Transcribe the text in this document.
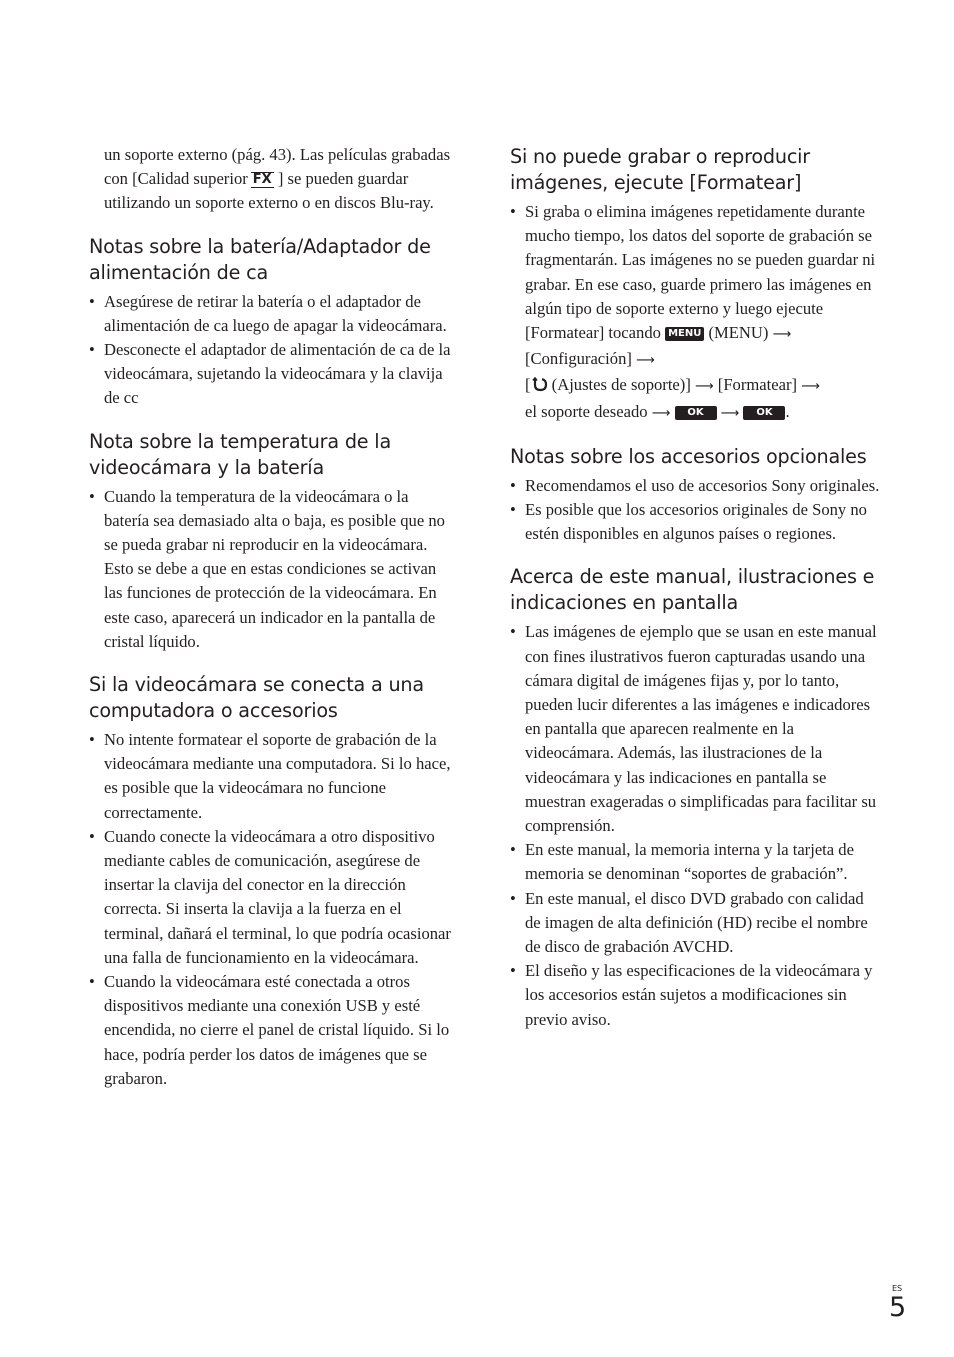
un soporte externo (pág. 43). Las películas grabadas con [Calidad superior FX ] se pueden guardar utilizando un soporte externo o en discos Blu-ray.

Notas sobre la batería/Adaptador de alimentación de ca
• Asegúrese de retirar la batería o el adaptador de alimentación de ca luego de apagar la videocámara.
• Desconecte el adaptador de alimentación de ca de la videocámara, sujetando la videocámara y la clavija de cc
Nota sobre la temperatura de la videocámara y la batería
• Cuando la temperatura de la videocámara o la batería sea demasiado alta o baja, es posible que no se pueda grabar ni reproducir en la videocámara. Esto se debe a que en estas condiciones se activan las funciones de protección de la videocámara. En este caso, aparecerá un indicador en la pantalla de cristal líquido.
Si la videocámara se conecta a una computadora o accesorios
• No intente formatear el soporte de grabación de la videocámara mediante una computadora. Si lo hace, es posible que la videocámara no funcione correctamente.
• Cuando conecte la videocámara a otro dispositivo mediante cables de comunicación, asegúrese de insertar la clavija del conector en la dirección correcta. Si inserta la clavija a la fuerza en el terminal, dañará el terminal, lo que podría ocasionar una falla de funcionamiento en la videocámara.
• Cuando la videocámara esté conectada a otros dispositivos mediante una conexión USB y esté encendida, no cierre el panel de cristal líquido. Si lo hace, podría perder los datos de imágenes que se grabaron.
Si no puede grabar o reproducir imágenes, ejecute [Formatear]
• Si graba o elimina imágenes repetidamente durante mucho tiempo, los datos del soporte de grabación se fragmentarán. Las imágenes no se pueden guardar ni grabar. En ese caso, guarde primero las imágenes en algún tipo de soporte externo y luego ejecute [Formatear] tocando MENU (MENU) ⟶ [Configuración] ⟶
[ (Ajustes de soporte)] ⟶ [Formatear] ⟶
el soporte deseado ⟶ OK ⟶ OK .
Notas sobre los accesorios opcionales
• Recomendamos el uso de accesorios Sony originales.
• Es posible que los accesorios originales de Sony no estén disponibles en algunos países o regiones.
Acerca de este manual, ilustraciones e indicaciones en pantalla
• Las imágenes de ejemplo que se usan en este manual con fines ilustrativos fueron capturadas usando una cámara digital de imágenes fijas y, por lo tanto, pueden lucir diferentes a las imágenes e indicadores en pantalla que aparecen realmente en la videocámara. Además, las ilustraciones de la videocámara y las indicaciones en pantalla se muestran exageradas o simplificadas para facilitar su comprensión.
• En este manual, la memoria interna y la tarjeta de memoria se denominan “soportes de grabación”.
• En este manual, el disco DVD grabado con calidad de imagen de alta definición (HD) recibe el nombre de disco de grabación AVCHD.
• El diseño y las especificaciones de la videocámara y los accesorios están sujetos a modificaciones sin previo aviso.
ES
5
